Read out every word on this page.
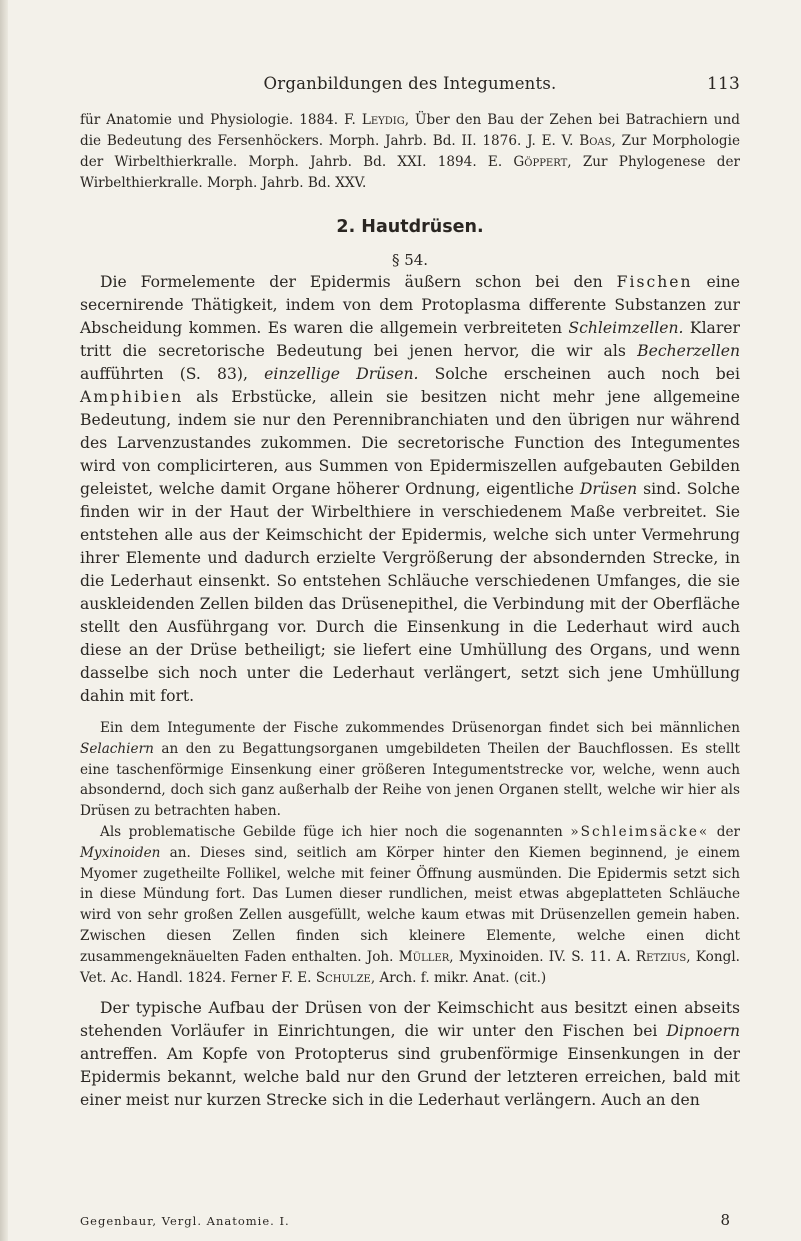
Organbildungen des Integuments.	113

für Anatomie und Physiologie. 1884. F. Leydig, Über den Bau der Zehen bei Batrachiern und die Bedeutung des Fersenhöckers. Morph. Jahrb. Bd. II. 1876. J. E. V. Boas, Zur Morphologie der Wirbelthierkralle. Morph. Jahrb. Bd. XXI. 1894. E. Göppert, Zur Phylogenese der Wirbelthierkralle. Morph. Jahrb. Bd. XXV.

2. Hautdrüsen.
§ 54.

Die Formelemente der Epidermis äußern schon bei den Fischen eine secernirende Thätigkeit, indem von dem Protoplasma differente Substanzen zur Abscheidung kommen. Es waren die allgemein verbreiteten Schleimzellen. Klarer tritt die secretorische Bedeutung bei jenen hervor, die wir als Becherzellen aufführten (S. 83), einzellige Drüsen. Solche erscheinen auch noch bei Amphibien als Erbstücke, allein sie besitzen nicht mehr jene allgemeine Bedeutung, indem sie nur den Perennibranchiaten und den übrigen nur während des Larvenzustandes zukommen. Die secretorische Function des Integumentes wird von complicirteren, aus Summen von Epidermiszellen aufgebauten Gebilden geleistet, welche damit Organe höherer Ordnung, eigentliche Drüsen sind. Solche finden wir in der Haut der Wirbelthiere in verschiedenem Maße verbreitet. Sie entstehen alle aus der Keimschicht der Epidermis, welche sich unter Vermehrung ihrer Elemente und dadurch erzielte Vergrößerung der absondernden Strecke, in die Lederhaut einsenkt. So entstehen Schläuche verschiedenen Umfanges, die sie auskleidenden Zellen bilden das Drüsenepithel, die Verbindung mit der Oberfläche stellt den Ausführgang vor. Durch die Einsenkung in die Lederhaut wird auch diese an der Drüse betheiligt; sie liefert eine Umhüllung des Organs, und wenn dasselbe sich noch unter die Lederhaut verlängert, setzt sich jene Umhüllung dahin mit fort.

Ein dem Integumente der Fische zukommendes Drüsenorgan findet sich bei männlichen Selachiern an den zu Begattungsorganen umgebildeten Theilen der Bauchflossen. Es stellt eine taschenförmige Einsenkung einer größeren Integumentstrecke vor, welche, wenn auch absondernd, doch sich ganz außerhalb der Reihe von jenen Organen stellt, welche wir hier als Drüsen zu betrachten haben.

Als problematische Gebilde füge ich hier noch die sogenannten »Schleimsäcke« der Myxinoiden an. Dieses sind, seitlich am Körper hinter den Kiemen beginnend, je einem Myomer zugetheilte Follikel, welche mit feiner Öffnung ausmünden. Die Epidermis setzt sich in diese Mündung fort. Das Lumen dieser rundlichen, meist etwas abgeplatteten Schläuche wird von sehr großen Zellen ausgefüllt, welche kaum etwas mit Drüsenzellen gemein haben. Zwischen diesen Zellen finden sich kleinere Elemente, welche einen dicht zusammengeknäuelten Faden enthalten. Joh. Müller, Myxinoiden. IV. S. 11. A. Retzius, Kongl. Vet. Ac. Handl. 1824. Ferner F. E. Schulze, Arch. f. mikr. Anat. (cit.)

Der typische Aufbau der Drüsen von der Keimschicht aus besitzt einen abseits stehenden Vorläufer in Einrichtungen, die wir unter den Fischen bei Dipnoern antreffen. Am Kopfe von Protopterus sind grubenförmige Einsenkungen in der Epidermis bekannt, welche bald nur den Grund der letzteren erreichen, bald mit einer meist nur kurzen Strecke sich in die Lederhaut verlängern. Auch an den

Gegenbaur, Vergl. Anatomie. I.	8
